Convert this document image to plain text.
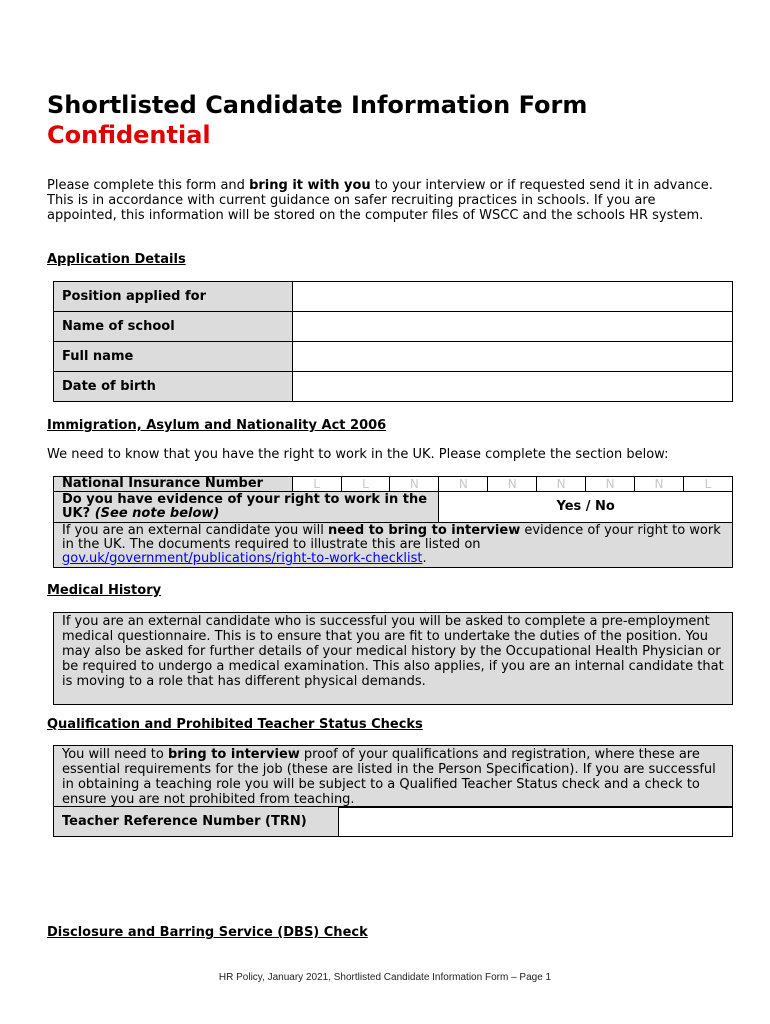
Shortlisted Candidate Information Form
Confidential

Please complete this form and bring it with you to your interview or if requested send it in advance. This is in accordance with current guidance on safer recruiting practices in schools. If you are appointed, this information will be stored on the computer files of WSCC and the schools HR system.

Application Details
Position applied for	
Name of school	
Full name	
Date of birth	
Immigration, Asylum and Nationality Act 2006

We need to know that you have the right to work in the UK. Please complete the section below:

National Insurance Number	L	L	N	N	N	N	N	N	L
Do you have evidence of your right to work in the UK? (See note below)				Yes / No					
If you are an external candidate you will need to bring to interview evidence of your right to work in the UK. The documents required to illustrate this are listed on gov.uk/government/publications/right-to-work-checklist.									
Medical History

If you are an external candidate who is successful you will be asked to complete a pre-employment medical questionnaire. This is to ensure that you are fit to undertake the duties of the position. You may also be asked for further details of your medical history by the Occupational Health Physician or be required to undergo a medical examination. This also applies, if you are an internal candidate that is moving to a role that has different physical demands.

Qualification and Prohibited Teacher Status Checks

You will need to bring to interview proof of your qualifications and registration, where these are essential requirements for the job (these are listed in the Person Specification). If you are successful in obtaining a teaching role you will be subject to a Qualified Teacher Status check and a check to ensure you are not prohibited from teaching.

Teacher Reference Number (TRN)	
Disclosure and Barring Service (DBS) Check

HR Policy, January 2021, Shortlisted Candidate Information Form – Page 1
